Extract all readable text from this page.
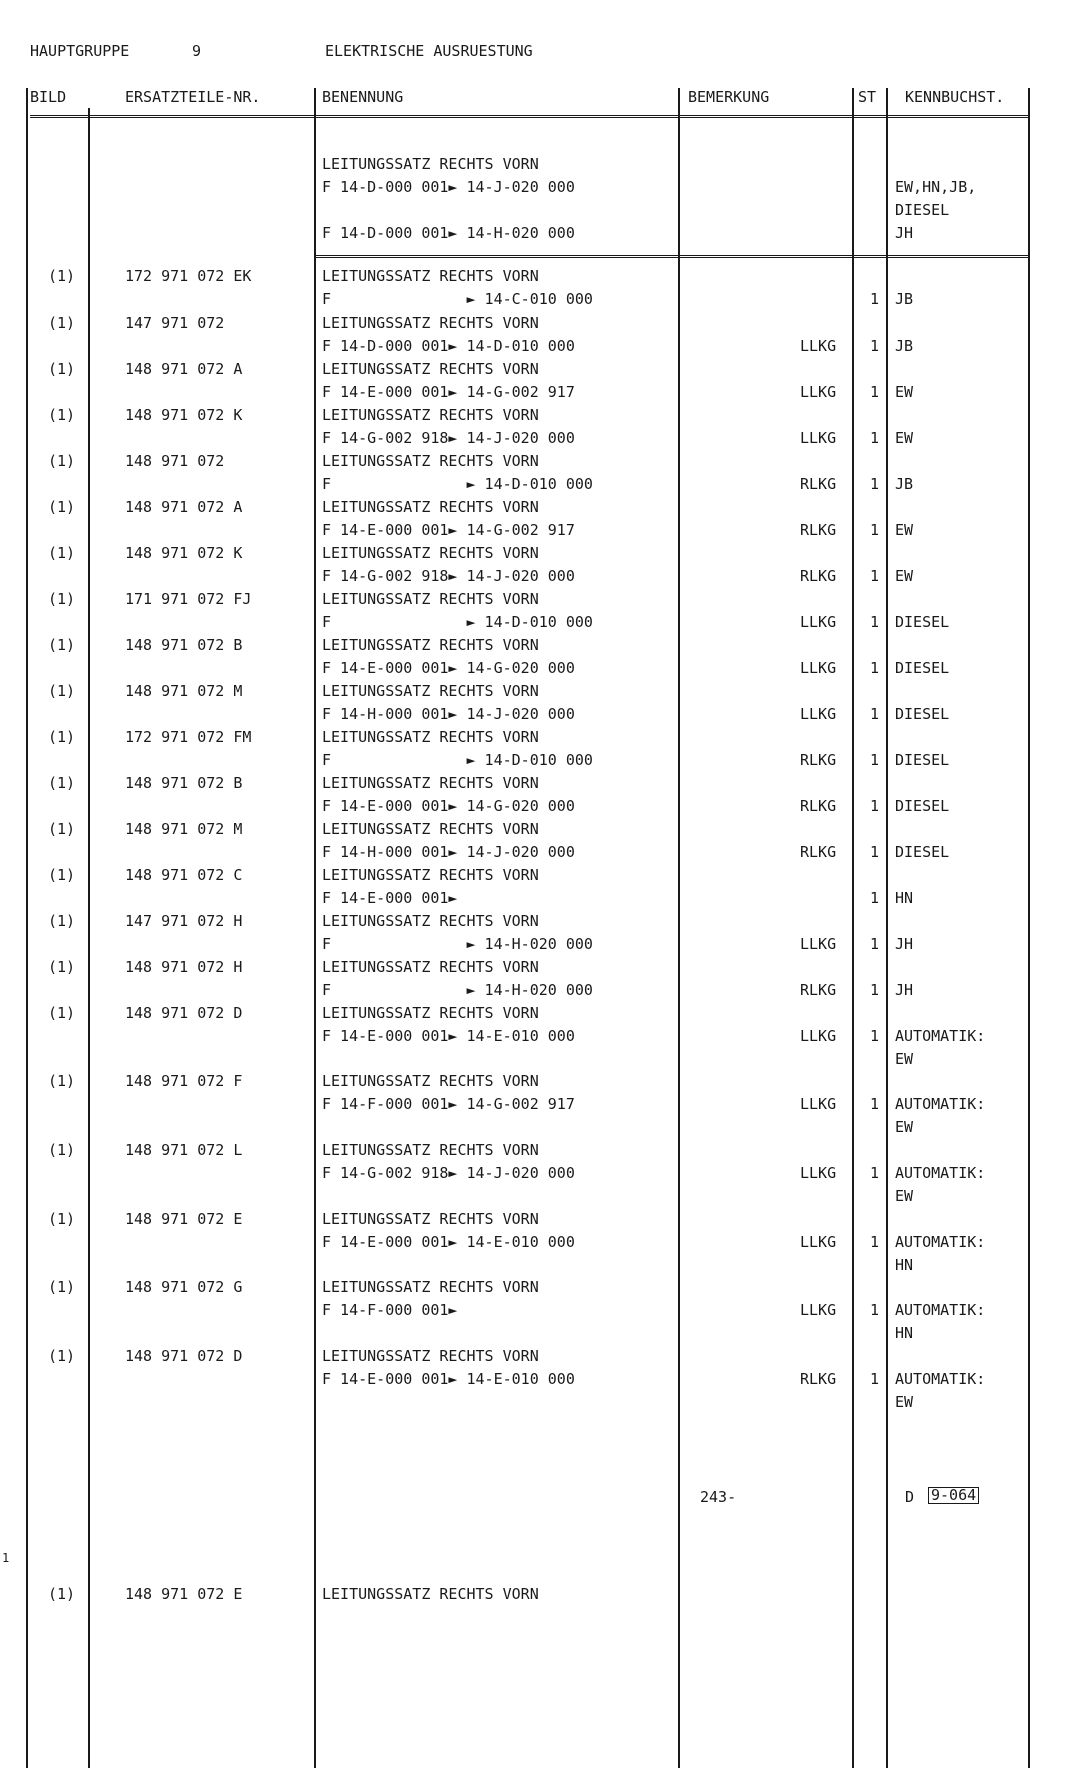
HAUPTGRUPPE	9	ELEKTRISCHE AUSRUESTUNG
BILD	ERSATZTEILE-NR.	BENENNUNG	BEMERKUNG	ST KENNBUCHST.
LEITUNGSSATZ RECHTS VORN
F 14-D-000 001► 14-J-020 000	EW,HN,JB,
DIESEL
F 14-D-000 001► 14-H-020 000	JH
(1)	172 971 072 EK	LEITUNGSSATZ RECHTS VORN
F               ► 14-C-010 000	1 JB
(1)	147 971 072	LEITUNGSSATZ RECHTS VORN
F 14-D-000 001► 14-D-010 000	LLKG 1 JB
(1)	148 971 072 A	LEITUNGSSATZ RECHTS VORN
F 14-E-000 001► 14-G-002 917	LLKG 1 EW
(1)	148 971 072 K	LEITUNGSSATZ RECHTS VORN
F 14-G-002 918► 14-J-020 000	LLKG 1 EW
(1)	148 971 072	LEITUNGSSATZ RECHTS VORN
F               ► 14-D-010 000	RLKG 1 JB
(1)	148 971 072 A	LEITUNGSSATZ RECHTS VORN
F 14-E-000 001► 14-G-002 917	RLKG 1 EW
(1)	148 971 072 K	LEITUNGSSATZ RECHTS VORN
F 14-G-002 918► 14-J-020 000	RLKG 1 EW
(1)	171 971 072 FJ	LEITUNGSSATZ RECHTS VORN
F               ► 14-D-010 000	LLKG 1 DIESEL
(1)	148 971 072 B	LEITUNGSSATZ RECHTS VORN
F 14-E-000 001► 14-G-020 000	LLKG 1 DIESEL
(1)	148 971 072 M	LEITUNGSSATZ RECHTS VORN
F 14-H-000 001► 14-J-020 000	LLKG 1 DIESEL
(1)	172 971 072 FM	LEITUNGSSATZ RECHTS VORN
F               ► 14-D-010 000	RLKG 1 DIESEL
(1)	148 971 072 B	LEITUNGSSATZ RECHTS VORN
F 14-E-000 001► 14-G-020 000	RLKG 1 DIESEL
(1)	148 971 072 M	LEITUNGSSATZ RECHTS VORN
F 14-H-000 001► 14-J-020 000	RLKG 1 DIESEL
(1)	148 971 072 C	LEITUNGSSATZ RECHTS VORN
F 14-E-000 001►	1 HN
(1)	147 971 072 H	LEITUNGSSATZ RECHTS VORN
F               ► 14-H-020 000	LLKG 1 JH
(1)	148 971 072 H	LEITUNGSSATZ RECHTS VORN
F               ► 14-H-020 000	RLKG 1 JH
(1)	148 971 072 D	LEITUNGSSATZ RECHTS VORN
F 14-E-000 001► 14-E-010 000	LLKG 1 AUTOMATIK:
EW
(1)	148 971 072 F	LEITUNGSSATZ RECHTS VORN
F 14-F-000 001► 14-G-002 917	LLKG 1 AUTOMATIK:
EW
(1)	148 971 072 L	LEITUNGSSATZ RECHTS VORN
F 14-G-002 918► 14-J-020 000	LLKG 1 AUTOMATIK:
EW
(1)	148 971 072 E	LEITUNGSSATZ RECHTS VORN
F 14-E-000 001► 14-E-010 000	LLKG 1 AUTOMATIK:
HN
(1)	148 971 072 G	LEITUNGSSATZ RECHTS VORN
F 14-F-000 001►	LLKG 1 AUTOMATIK:
HN
(1)	148 971 072 D	LEITUNGSSATZ RECHTS VORN
F 14-E-000 001► 14-E-010 000	RLKG 1 AUTOMATIK:
EW
243-	D 9-064
1
(1)	148 971 072 E	LEITUNGSSATZ RECHTS VORN
